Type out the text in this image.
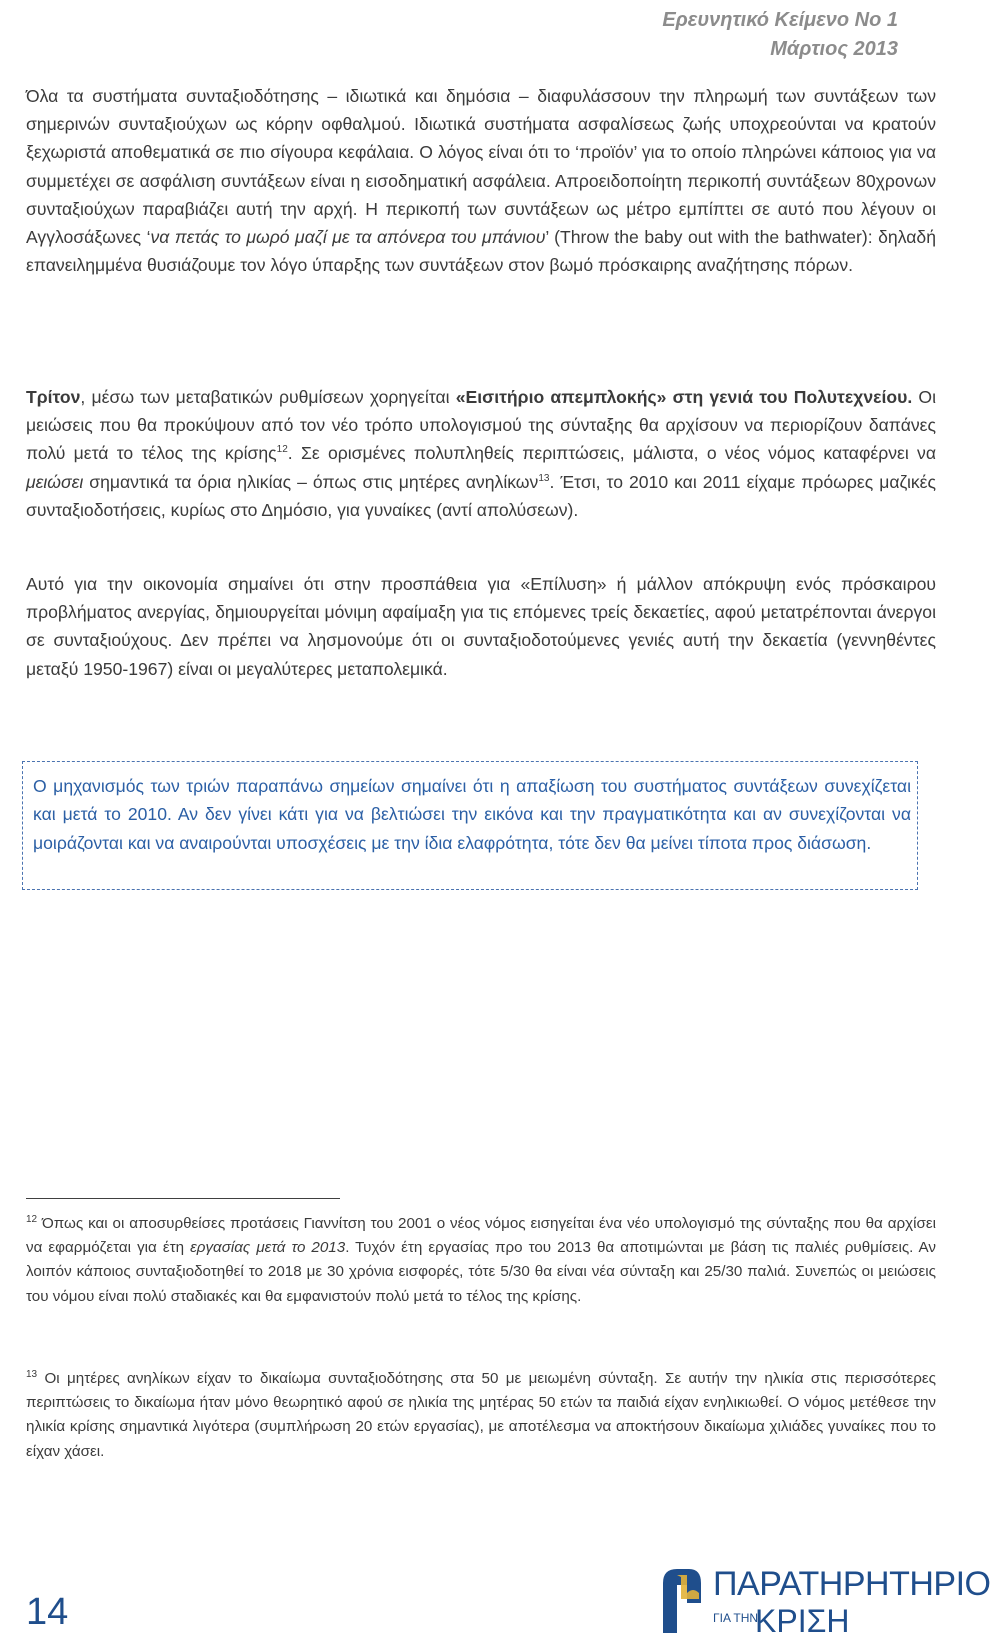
Ερευνητικό Κείμενο Νο 1
Μάρτιος 2013
Όλα τα συστήματα συνταξιοδότησης – ιδιωτικά και δημόσια – διαφυλάσσουν την πληρωμή των συντάξεων των σημερινών συνταξιούχων ως κόρην οφθαλμού. Ιδιωτικά συστήματα ασφαλίσεως ζωής υποχρεούνται να κρατούν ξεχωριστά αποθεματικά σε πιο σίγουρα κεφάλαια. Ο λόγος είναι ότι το ‘προϊόν’ για το οποίο πληρώνει κάποιος για να συμμετέχει σε ασφάλιση συντάξεων είναι η εισοδηματική ασφάλεια. Απροειδοποίητη περικοπή συντάξεων 80χρονων συνταξιούχων παραβιάζει αυτή την αρχή. Η περικοπή των συντάξεων ως μέτρο εμπίπτει σε αυτό που λέγουν οι Αγγλοσάξωνες ‘να πετάς το μωρό μαζί με τα απόνερα του μπάνιου’ (Throw the baby out with the bathwater): δηλαδή επανειλημμένα θυσιάζουμε τον λόγο ύπαρξης των συντάξεων στον βωμό πρόσκαιρης αναζήτησης πόρων.
Τρίτον, μέσω των μεταβατικών ρυθμίσεων χορηγείται «Εισιτήριο απεμπλοκής» στη γενιά του Πολυτεχνείου. Οι μειώσεις που θα προκύψουν από τον νέο τρόπο υπολογισμού της σύνταξης θα αρχίσουν να περιορίζουν δαπάνες πολύ μετά το τέλος της κρίσης$^{12}$. Σε ορισμένες πολυπληθείς περιπτώσεις, μάλιστα, ο νέος νόμος καταφέρνει να μειώσει σημαντικά τα όρια ηλικίας – όπως στις μητέρες ανηλίκων$^{13}$. Έτσι, το 2010 και 2011 είχαμε πρόωρες μαζικές συνταξιοδοτήσεις, κυρίως στο Δημόσιο, για γυναίκες (αντί απολύσεων).
Αυτό για την οικονομία σημαίνει ότι στην προσπάθεια για «Επίλυση» ή μάλλον απόκρυψη ενός πρόσκαιρου προβλήματος ανεργίας, δημιουργείται μόνιμη αφαίμαξη για τις επόμενες τρείς δεκαετίες, αφού μετατρέπονται άνεργοι σε συνταξιούχους. Δεν πρέπει να λησμονούμε ότι οι συνταξιοδοτούμενες γενιές αυτή την δεκαετία (γεννηθέντες μεταξύ 1950-1967) είναι οι μεγαλύτερες μεταπολεμικά.
Ο μηχανισμός των τριών παραπάνω σημείων σημαίνει ότι η απαξίωση του συστήματος συντάξεων συνεχίζεται και μετά το 2010. Αν δεν γίνει κάτι για να βελτιώσει την εικόνα και την πραγματικότητα και αν συνεχίζονται να μοιράζονται και να αναιρούνται υποσχέσεις με την ίδια ελαφρότητα, τότε δεν θα μείνει τίποτα προς διάσωση.
$^{12}$ Όπως και οι αποσυρθείσες προτάσεις Γιαννίτση του 2001 ο νέος νόμος εισηγείται ένα νέο υπολογισμό της σύνταξης που θα αρχίσει να εφαρμόζεται για έτη εργασίας μετά το 2013. Τυχόν έτη εργασίας προ του 2013 θα αποτιμώνται με βάση τις παλιές ρυθμίσεις. Αν λοιπόν κάποιος συνταξιοδοτηθεί το 2018 με 30 χρόνια εισφορές, τότε 5/30 θα είναι νέα σύνταξη και 25/30 παλιά. Συνεπώς οι μειώσεις του νόμου είναι πολύ σταδιακές και θα εμφανιστούν πολύ μετά το τέλος της κρίσης.
$^{13}$ Οι μητέρες ανηλίκων είχαν το δικαίωμα συνταξιοδότησης στα 50 με μειωμένη σύνταξη. Σε αυτήν την ηλικία στις περισσότερες περιπτώσεις το δικαίωμα ήταν μόνο θεωρητικό αφού σε ηλικία της μητέρας 50 ετών τα παιδιά είχαν ενηλικιωθεί. Ο νόμος μετέθεσε την ηλικία κρίσης σημαντικά λιγότερα (συμπλήρωση 20 ετών εργασίας), με αποτέλεσμα να αποκτήσουν δικαίωμα χιλιάδες γυναίκες που το είχαν χάσει.
14
ΠΑΡΑΤΗΡΗΤΗΡΙΟ
ΓΙΑ ΤΗΝ
ΚΡΙΣΗ
